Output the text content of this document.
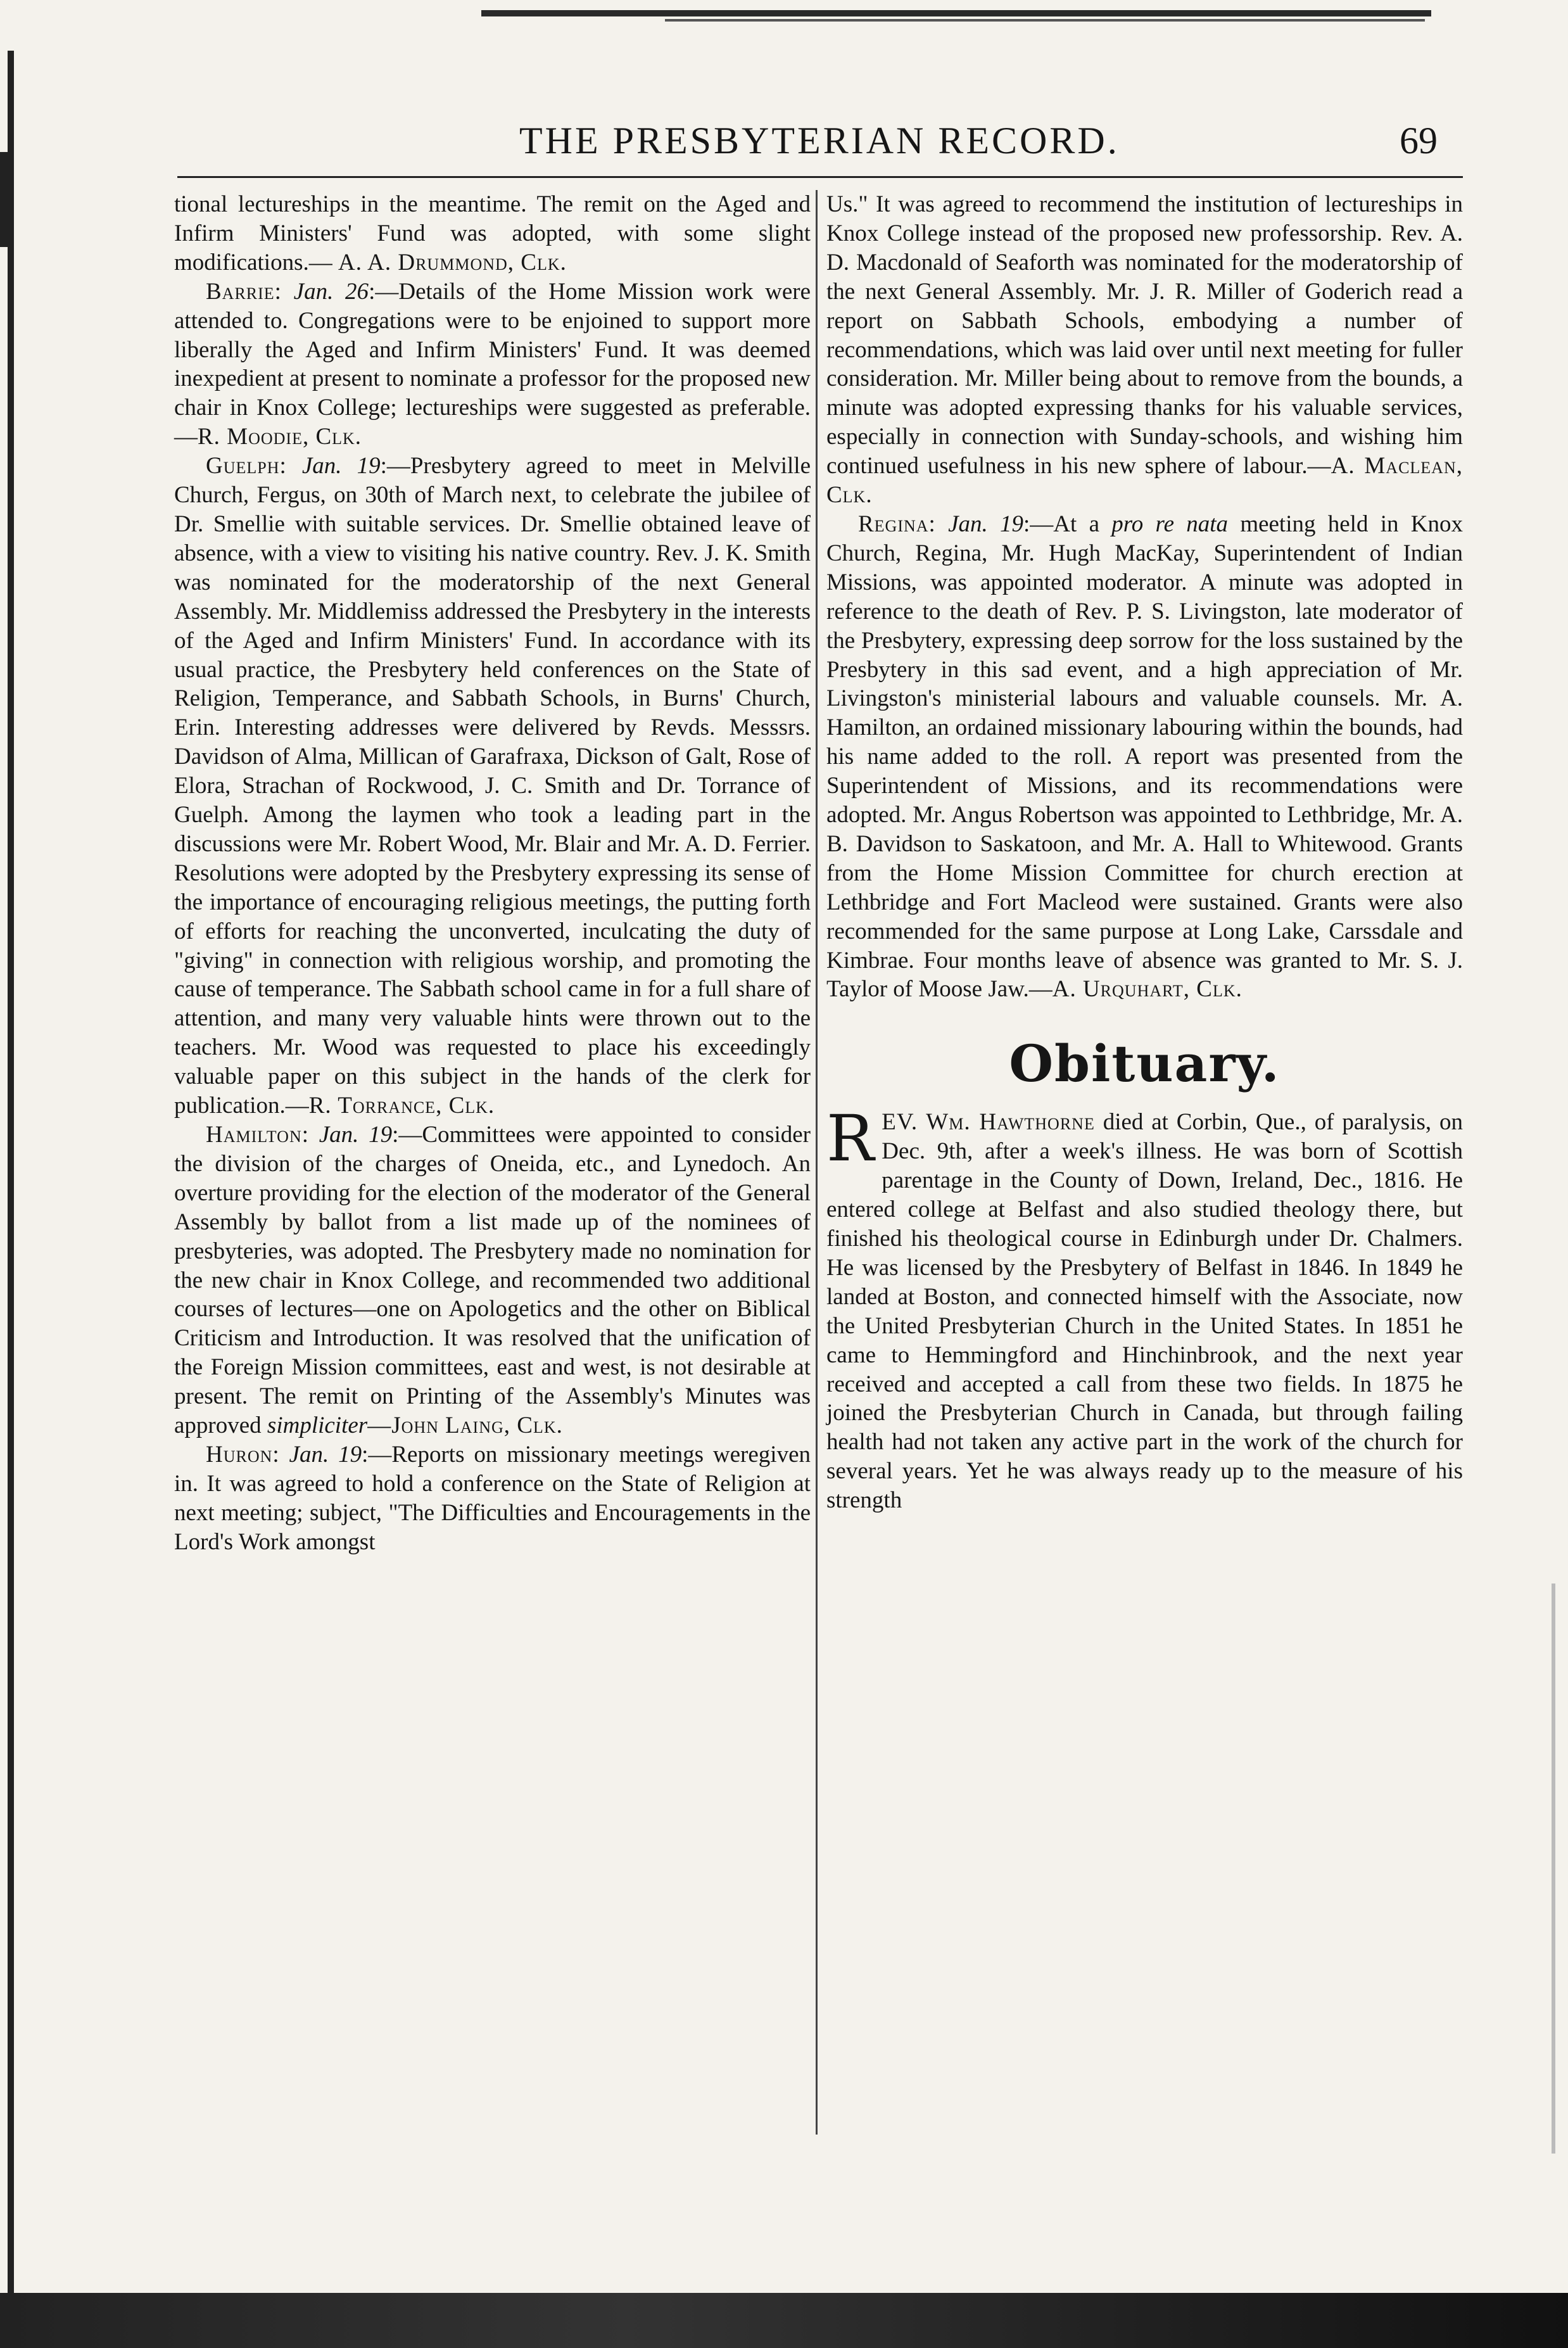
THE PRESBYTERIAN RECORD.	69

tional lectureships in the meantime. The remit on the Aged and Infirm Ministers' Fund was adopted, with some slight modifications.— A. A. Drummond, Clk.

Barrie: Jan. 26:—Details of the Home Mission work were attended to. Congregations were to be enjoined to support more liberally the Aged and Infirm Ministers' Fund. It was deemed inexpedient at present to nominate a professor for the proposed new chair in Knox College; lectureships were suggested as preferable.—R. Moodie, Clk.

Guelph: Jan. 19:—Presbytery agreed to meet in Melville Church, Fergus, on 30th of March next, to celebrate the jubilee of Dr. Smellie with suitable services. Dr. Smellie obtained leave of absence, with a view to visiting his native country. Rev. J. K. Smith was nominated for the moderatorship of the next General Assembly. Mr. Middlemiss addressed the Presbytery in the interests of the Aged and Infirm Ministers' Fund. In accordance with its usual practice, the Presbytery held conferences on the State of Religion, Temperance, and Sabbath Schools, in Burns' Church, Erin. Interesting addresses were delivered by Revds. Messsrs. Davidson of Alma, Millican of Garafraxa, Dickson of Galt, Rose of Elora, Strachan of Rockwood, J. C. Smith and Dr. Torrance of Guelph. Among the laymen who took a leading part in the discussions were Mr. Robert Wood, Mr. Blair and Mr. A. D. Ferrier. Resolutions were adopted by the Presbytery expressing its sense of the importance of encouraging religious meetings, the putting forth of efforts for reaching the unconverted, inculcating the duty of "giving" in connection with religious worship, and promoting the cause of temperance. The Sabbath school came in for a full share of attention, and many very valuable hints were thrown out to the teachers. Mr. Wood was requested to place his exceedingly valuable paper on this subject in the hands of the clerk for publication.—R. Torrance, Clk.

Hamilton: Jan. 19:—Committees were appointed to consider the division of the charges of Oneida, etc., and Lynedoch. An overture providing for the election of the moderator of the General Assembly by ballot from a list made up of the nominees of presbyteries, was adopted. The Presbytery made no nomination for the new chair in Knox College, and recommended two additional courses of lectures—one on Apologetics and the other on Biblical Criticism and Introduction. It was resolved that the unification of the Foreign Mission committees, east and west, is not desirable at present. The remit on Printing of the Assembly's Minutes was approved simpliciter—John Laing, Clk.

Huron: Jan. 19:—Reports on missionary meetings weregiven in. It was agreed to hold a conference on the State of Religion at next meeting; subject, "The Difficulties and Encouragements in the Lord's Work amongst

Us." It was agreed to recommend the institution of lectureships in Knox College instead of the proposed new professorship. Rev. A. D. Macdonald of Seaforth was nominated for the moderatorship of the next General Assembly. Mr. J. R. Miller of Goderich read a report on Sabbath Schools, embodying a number of recommendations, which was laid over until next meeting for fuller consideration. Mr. Miller being about to remove from the bounds, a minute was adopted expressing thanks for his valuable services, especially in connection with Sunday-schools, and wishing him continued usefulness in his new sphere of labour.—A. Maclean, Clk.

Regina: Jan. 19:—At a pro re nata meeting held in Knox Church, Regina, Mr. Hugh MacKay, Superintendent of Indian Missions, was appointed moderator. A minute was adopted in reference to the death of Rev. P. S. Livingston, late moderator of the Presbytery, expressing deep sorrow for the loss sustained by the Presbytery in this sad event, and a high appreciation of Mr. Livingston's ministerial labours and valuable counsels. Mr. A. Hamilton, an ordained missionary labouring within the bounds, had his name added to the roll. A report was presented from the Superintendent of Missions, and its recommendations were adopted. Mr. Angus Robertson was appointed to Lethbridge, Mr. A. B. Davidson to Saskatoon, and Mr. A. Hall to Whitewood. Grants from the Home Mission Committee for church erection at Lethbridge and Fort Macleod were sustained. Grants were also recommended for the same purpose at Long Lake, Carssdale and Kimbrae. Four months leave of absence was granted to Mr. S. J. Taylor of Moose Jaw.—A. Urquhart, Clk.

Obituary.

REV. Wm. Hawthorne died at Corbin, Que., of paralysis, on Dec. 9th, after a week's illness. He was born of Scottish parentage in the County of Down, Ireland, Dec., 1816. He entered college at Belfast and also studied theology there, but finished his theological course in Edinburgh under Dr. Chalmers. He was licensed by the Presbytery of Belfast in 1846. In 1849 he landed at Boston, and connected himself with the Associate, now the United Presbyterian Church in the United States. In 1851 he came to Hemmingford and Hinchinbrook, and the next year received and accepted a call from these two fields. In 1875 he joined the Presbyterian Church in Canada, but through failing health had not taken any active part in the work of the church for several years. Yet he was always ready up to the measure of his strength
